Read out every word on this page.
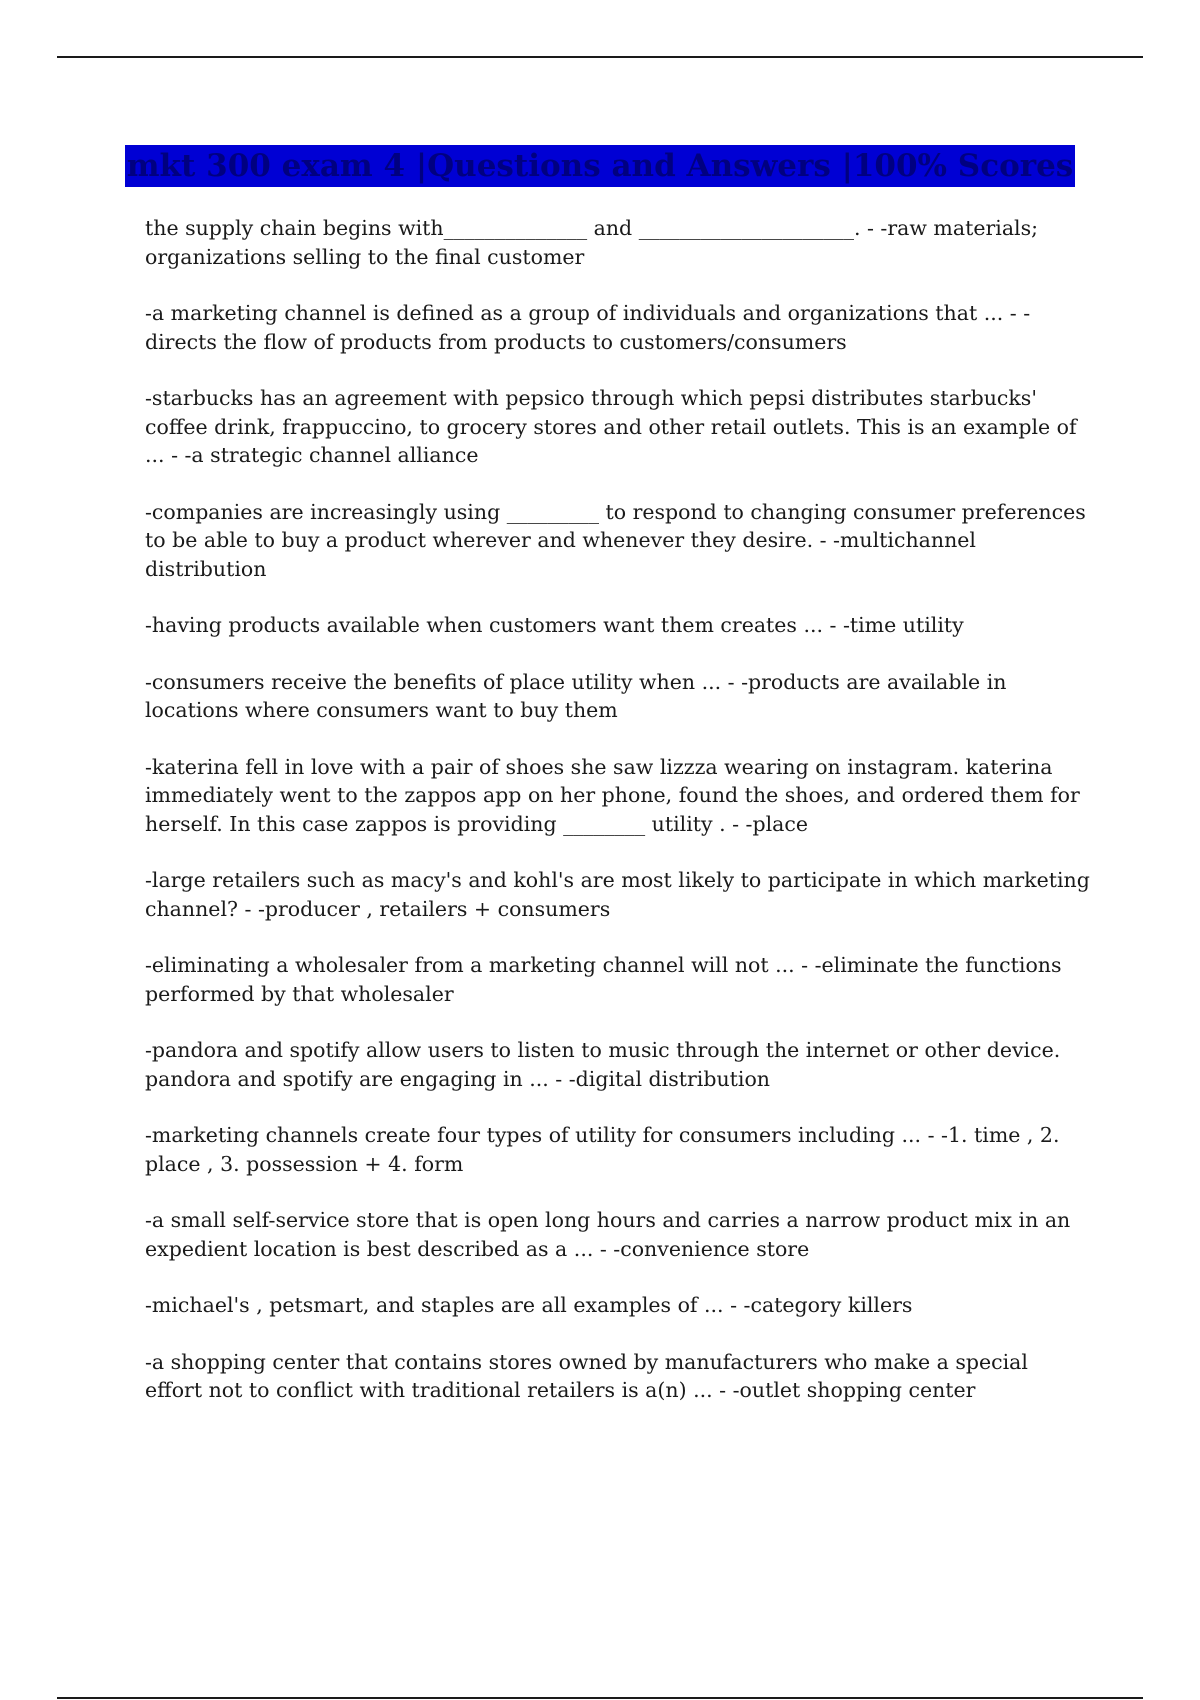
mkt 300 exam 4 |Questions and Answers |100% Scores

the supply chain begins with______________ and _____________________. - -raw materials; organizations selling to the final customer

-a marketing channel is defined as a group of individuals and organizations that ... - -directs the flow of products from products to customers/consumers

-starbucks has an agreement with pepsico through which pepsi distributes starbucks' coffee drink, frappuccino, to grocery stores and other retail outlets. This is an example of ... - -a strategic channel alliance

-companies are increasingly using _________ to respond to changing consumer preferences to be able to buy a product wherever and whenever they desire. - -multichannel distribution

-having products available when customers want them creates ... - -time utility

-consumers receive the benefits of place utility when ... - -products are available in locations where consumers want to buy them

-katerina fell in love with a pair of shoes she saw lizzza wearing on instagram. katerina immediately went to the zappos app on her phone, found the shoes, and ordered them for herself. In this case zappos is providing ________ utility . - -place

-large retailers such as macy's and kohl's are most likely to participate in which marketing channel? - -producer , retailers + consumers

-eliminating a wholesaler from a marketing channel will not ... - -eliminate the functions performed by that wholesaler

-pandora and spotify allow users to listen to music through the internet or other device. pandora and spotify are engaging in ... - -digital distribution

-marketing channels create four types of utility for consumers including ... - -1. time , 2. place , 3. possession + 4. form

-a small self-service store that is open long hours and carries a narrow product mix in an expedient location is best described as a ... - -convenience store

-michael's , petsmart, and staples are all examples of ... - -category killers

-a shopping center that contains stores owned by manufacturers who make a special effort not to conflict with traditional retailers is a(n) ... - -outlet shopping center
